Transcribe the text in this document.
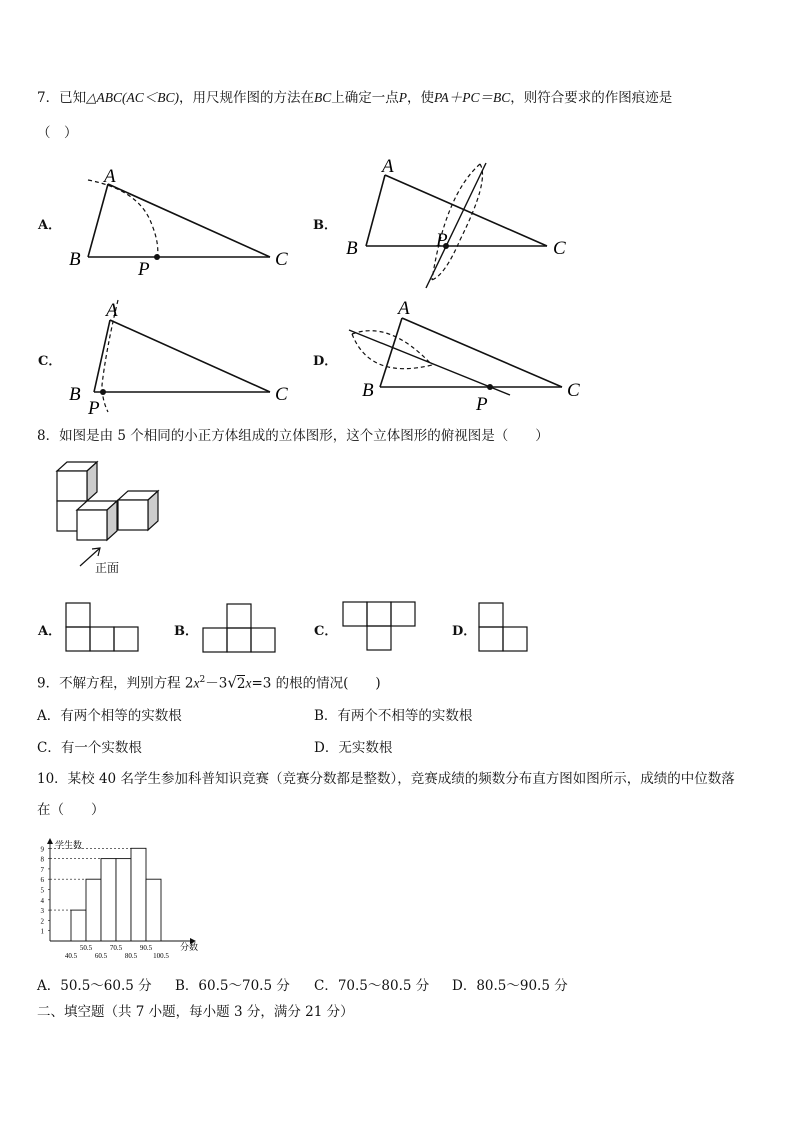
7．已知△ABC(AC＜BC)，用尺规作图的方法在BC上确定一点P，使PA＋PC＝BC，则符合要求的作图痕迹是
（　）
A．
A
B	C
P
B．
A
B	C
P
C．
A
B	C
P
D．
A
B	C
P
8．如图是由 5 个相同的小正方体组成的立体图形，这个立体图形的俯视图是（　　）
正面
A．	B．	C．	D．
9．不解方程，判别方程 $2x^2-3√2x=3$ 的根的情况(　　)
A．有两个相等的实数根	B．有两个不相等的实数根
C．有一个实数根	D．无实数根
10．某校 40 名学生参加科普知识竞赛（竞赛分数都是整数），竞赛成绩的频数分布直方图如图所示，成绩的中位数落
在（　　）
学生数
分数
1
2
3
4
5
6
7
8
9
50.5	70.5	90.5
40.5	60.5	80.5 100.5
A．50.5～60.5 分 B．60.5～70.5 分 C．70.5～80.5 分 D．80.5～90.5 分
二、填空题（共 7 小题，每小题 3 分，满分 21 分）
